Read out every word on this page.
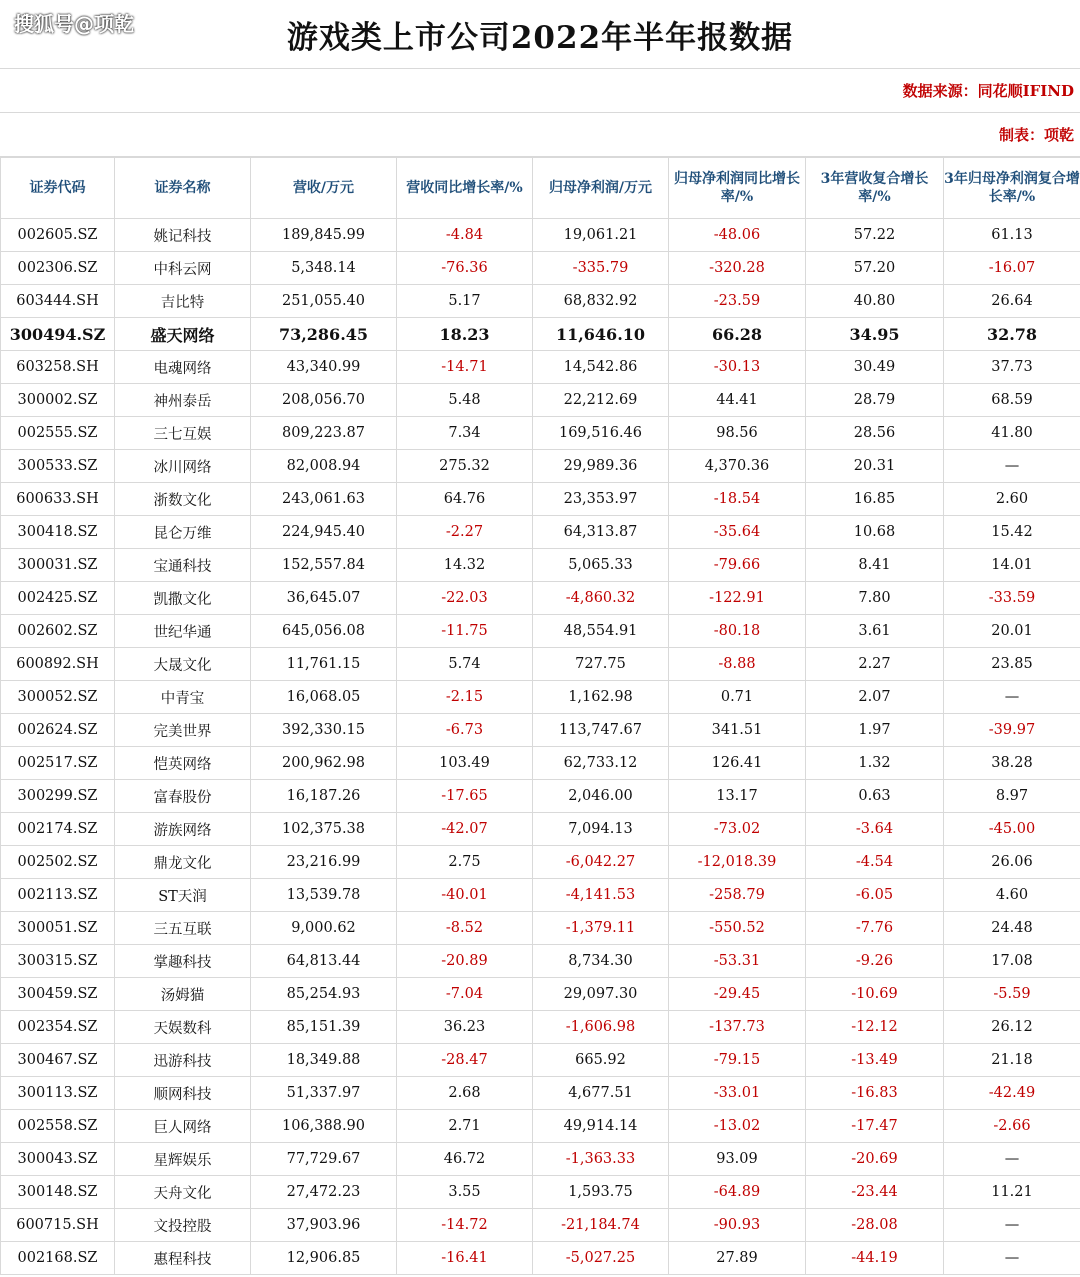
搜狐号@项乾	游戏类上市公司2022年半年报数据
数据来源：同花顺IFIND
制表：项乾
证券代码	证券名称	营收/万元	营收同比增长率/%	归母净利润/万元	归母净利润同比增长率/%	3年营收复合增长率/%	3年归母净利润复合增长率/%
002605.SZ	姚记科技	189,845.99	-4.84	19,061.21	-48.06	57.22	61.13
002306.SZ	中科云网	5,348.14	-76.36	-335.79	-320.28	57.20	-16.07
603444.SH	吉比特	251,055.40	5.17	68,832.92	-23.59	40.80	26.64
300494.SZ	盛天网络	73,286.45	18.23	11,646.10	66.28	34.95	32.78
603258.SH	电魂网络	43,340.99	-14.71	14,542.86	-30.13	30.49	37.73
300002.SZ	神州泰岳	208,056.70	5.48	22,212.69	44.41	28.79	68.59
002555.SZ	三七互娱	809,223.87	7.34	169,516.46	98.56	28.56	41.80
300533.SZ	冰川网络	82,008.94	275.32	29,989.36	4,370.36	20.31	—
600633.SH	浙数文化	243,061.63	64.76	23,353.97	-18.54	16.85	2.60
300418.SZ	昆仑万维	224,945.40	-2.27	64,313.87	-35.64	10.68	15.42
300031.SZ	宝通科技	152,557.84	14.32	5,065.33	-79.66	8.41	14.01
002425.SZ	凯撒文化	36,645.07	-22.03	-4,860.32	-122.91	7.80	-33.59
002602.SZ	世纪华通	645,056.08	-11.75	48,554.91	-80.18	3.61	20.01
600892.SH	大晟文化	11,761.15	5.74	727.75	-8.88	2.27	23.85
300052.SZ	中青宝	16,068.05	-2.15	1,162.98	0.71	2.07	—
002624.SZ	完美世界	392,330.15	-6.73	113,747.67	341.51	1.97	-39.97
002517.SZ	恺英网络	200,962.98	103.49	62,733.12	126.41	1.32	38.28
300299.SZ	富春股份	16,187.26	-17.65	2,046.00	13.17	0.63	8.97
002174.SZ	游族网络	102,375.38	-42.07	7,094.13	-73.02	-3.64	-45.00
002502.SZ	鼎龙文化	23,216.99	2.75	-6,042.27	-12,018.39	-4.54	26.06
002113.SZ	ST天润	13,539.78	-40.01	-4,141.53	-258.79	-6.05	4.60
300051.SZ	三五互联	9,000.62	-8.52	-1,379.11	-550.52	-7.76	24.48
300315.SZ	掌趣科技	64,813.44	-20.89	8,734.30	-53.31	-9.26	17.08
300459.SZ	汤姆猫	85,254.93	-7.04	29,097.30	-29.45	-10.69	-5.59
002354.SZ	天娱数科	85,151.39	36.23	-1,606.98	-137.73	-12.12	26.12
300467.SZ	迅游科技	18,349.88	-28.47	665.92	-79.15	-13.49	21.18
300113.SZ	顺网科技	51,337.97	2.68	4,677.51	-33.01	-16.83	-42.49
002558.SZ	巨人网络	106,388.90	2.71	49,914.14	-13.02	-17.47	-2.66
300043.SZ	星辉娱乐	77,729.67	46.72	-1,363.33	93.09	-20.69	—
300148.SZ	天舟文化	27,472.23	3.55	1,593.75	-64.89	-23.44	11.21
600715.SH	文投控股	37,903.96	-14.72	-21,184.74	-90.93	-28.08	—
002168.SZ	惠程科技	12,906.85	-16.41	-5,027.25	27.89	-44.19	—
